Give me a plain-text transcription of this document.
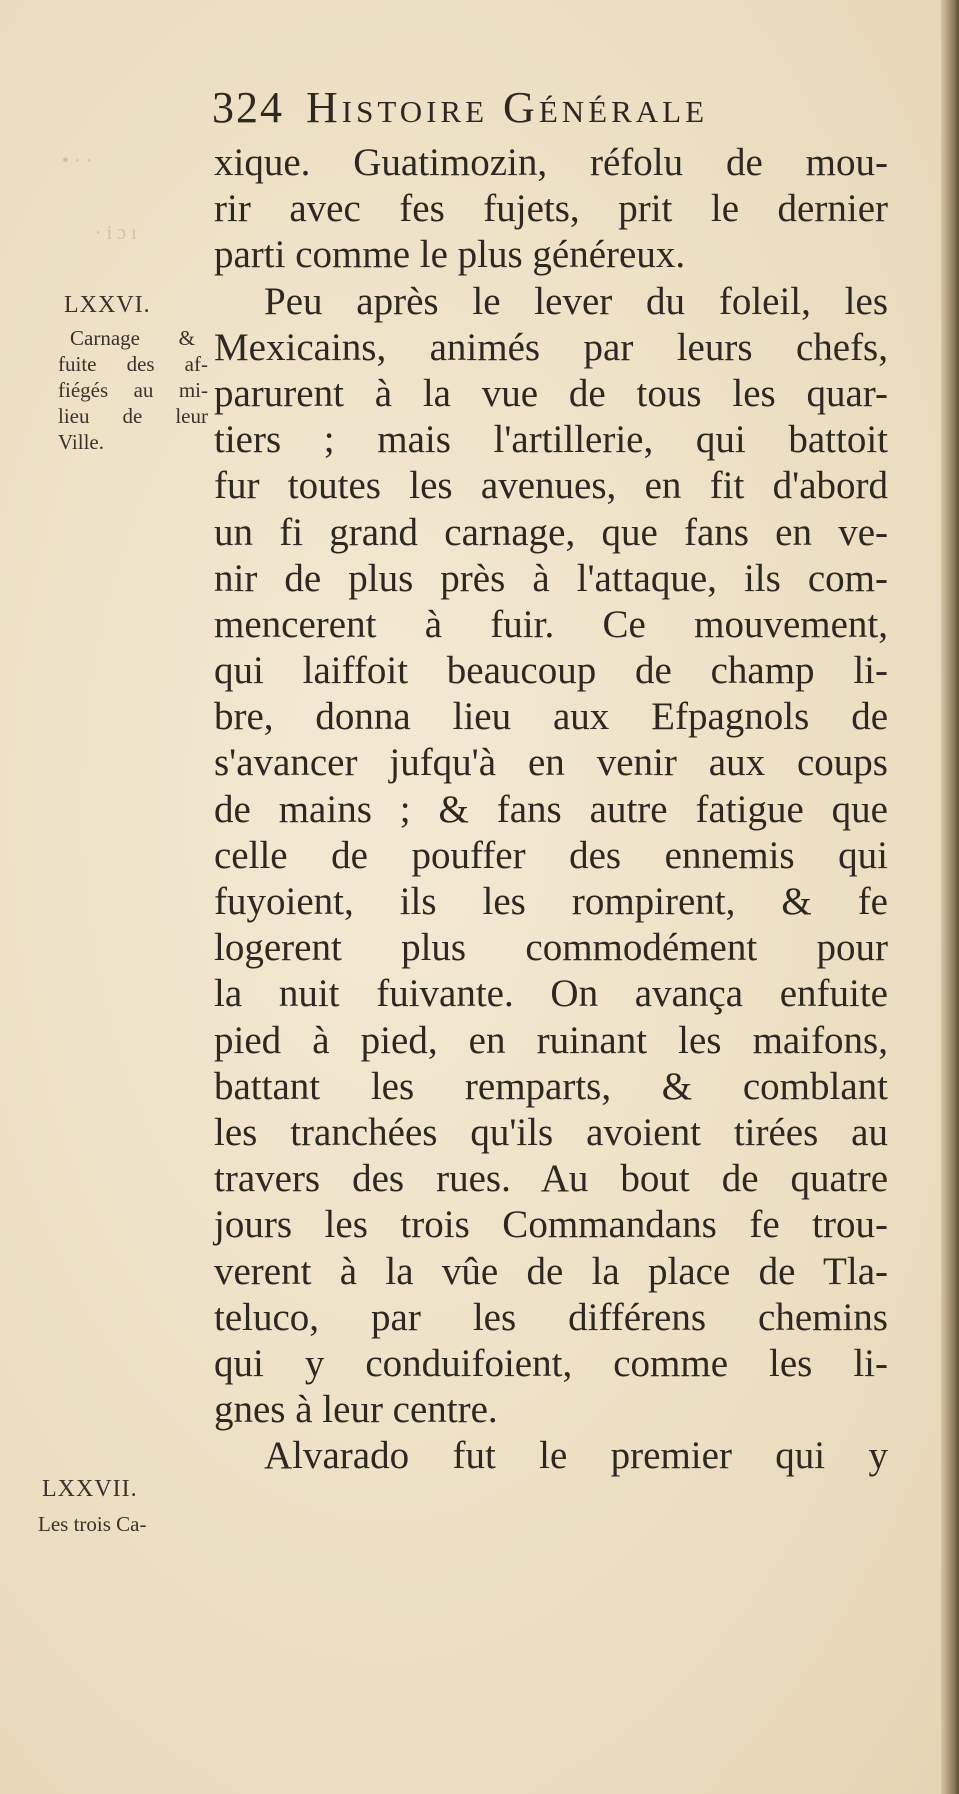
• · ·
· i ɔ ı
324 Histoire Générale
LXXVI.
Carnage &
fuite des af-
fiégés au mi-
lieu de leur
Ville.
LXXVII.
Les trois Ca-
xique. Guatimozin, réfolu de mou-
rir avec fes fujets, prit le dernier
parti comme le plus généreux.
Peu après le lever du foleil, les
Mexicains, animés par leurs chefs,
parurent à la vue de tous les quar-
tiers ; mais l'artillerie, qui battoit
fur toutes les avenues, en fit d'abord
un fi grand carnage, que fans en ve-
nir de plus près à l'attaque, ils com-
mencerent à fuir. Ce mouvement,
qui laiffoit beaucoup de champ li-
bre, donna lieu aux Efpagnols de
s'avancer jufqu'à en venir aux coups
de mains ; & fans autre fatigue que
celle de pouffer des ennemis qui
fuyoient, ils les rompirent, & fe
logerent plus commodément pour
la nuit fuivante. On avança enfuite
pied à pied, en ruinant les maifons,
battant les remparts, & comblant
les tranchées qu'ils avoient tirées au
travers des rues. Au bout de quatre
jours les trois Commandans fe trou-
verent à la vûe de la place de Tla-
teluco, par les différens chemins
qui y conduifoient, comme les li-
gnes à leur centre.
Alvarado fut le premier qui y
